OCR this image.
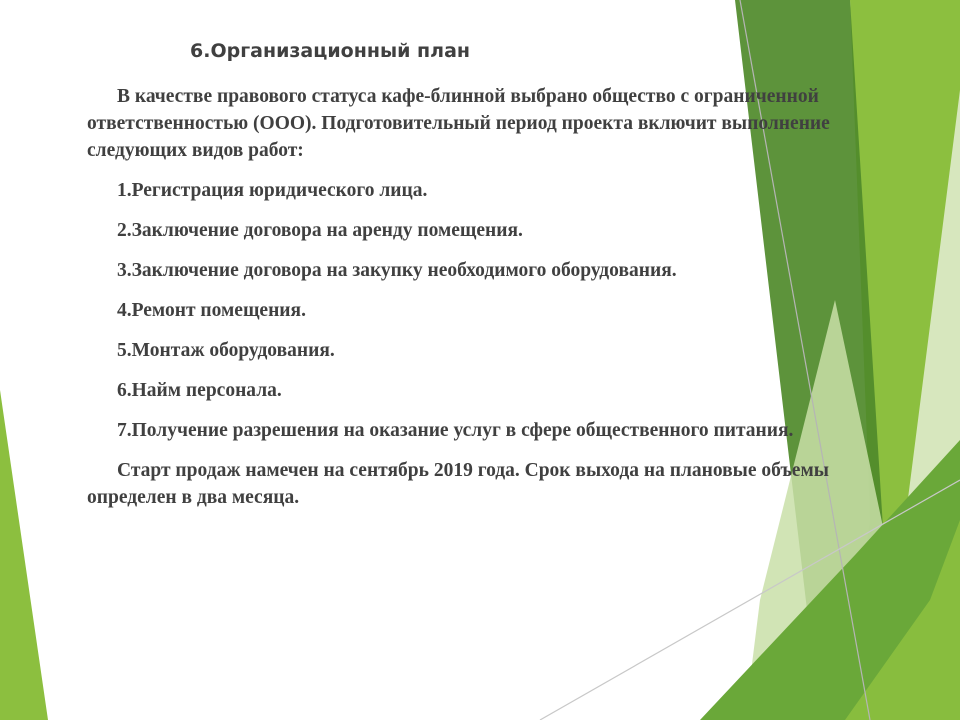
6.Организационный план

В качестве правового статуса кафе-блинной выбрано общество с ограниченной ответственностью (ООО). Подготовительный период проекта включит выполнение следующих видов работ:

1.Регистрация юридического лица.

2.Заключение договора на аренду помещения.

3.Заключение договора на закупку необходимого оборудования.

4.Ремонт помещения.

5.Монтаж оборудования.

6.Найм персонала.

7.Получение разрешения на оказание услуг в сфере общественного питания.

Старт продаж намечен на сентябрь 2019 года. Срок выхода на плановые объемы определен в два месяца.
